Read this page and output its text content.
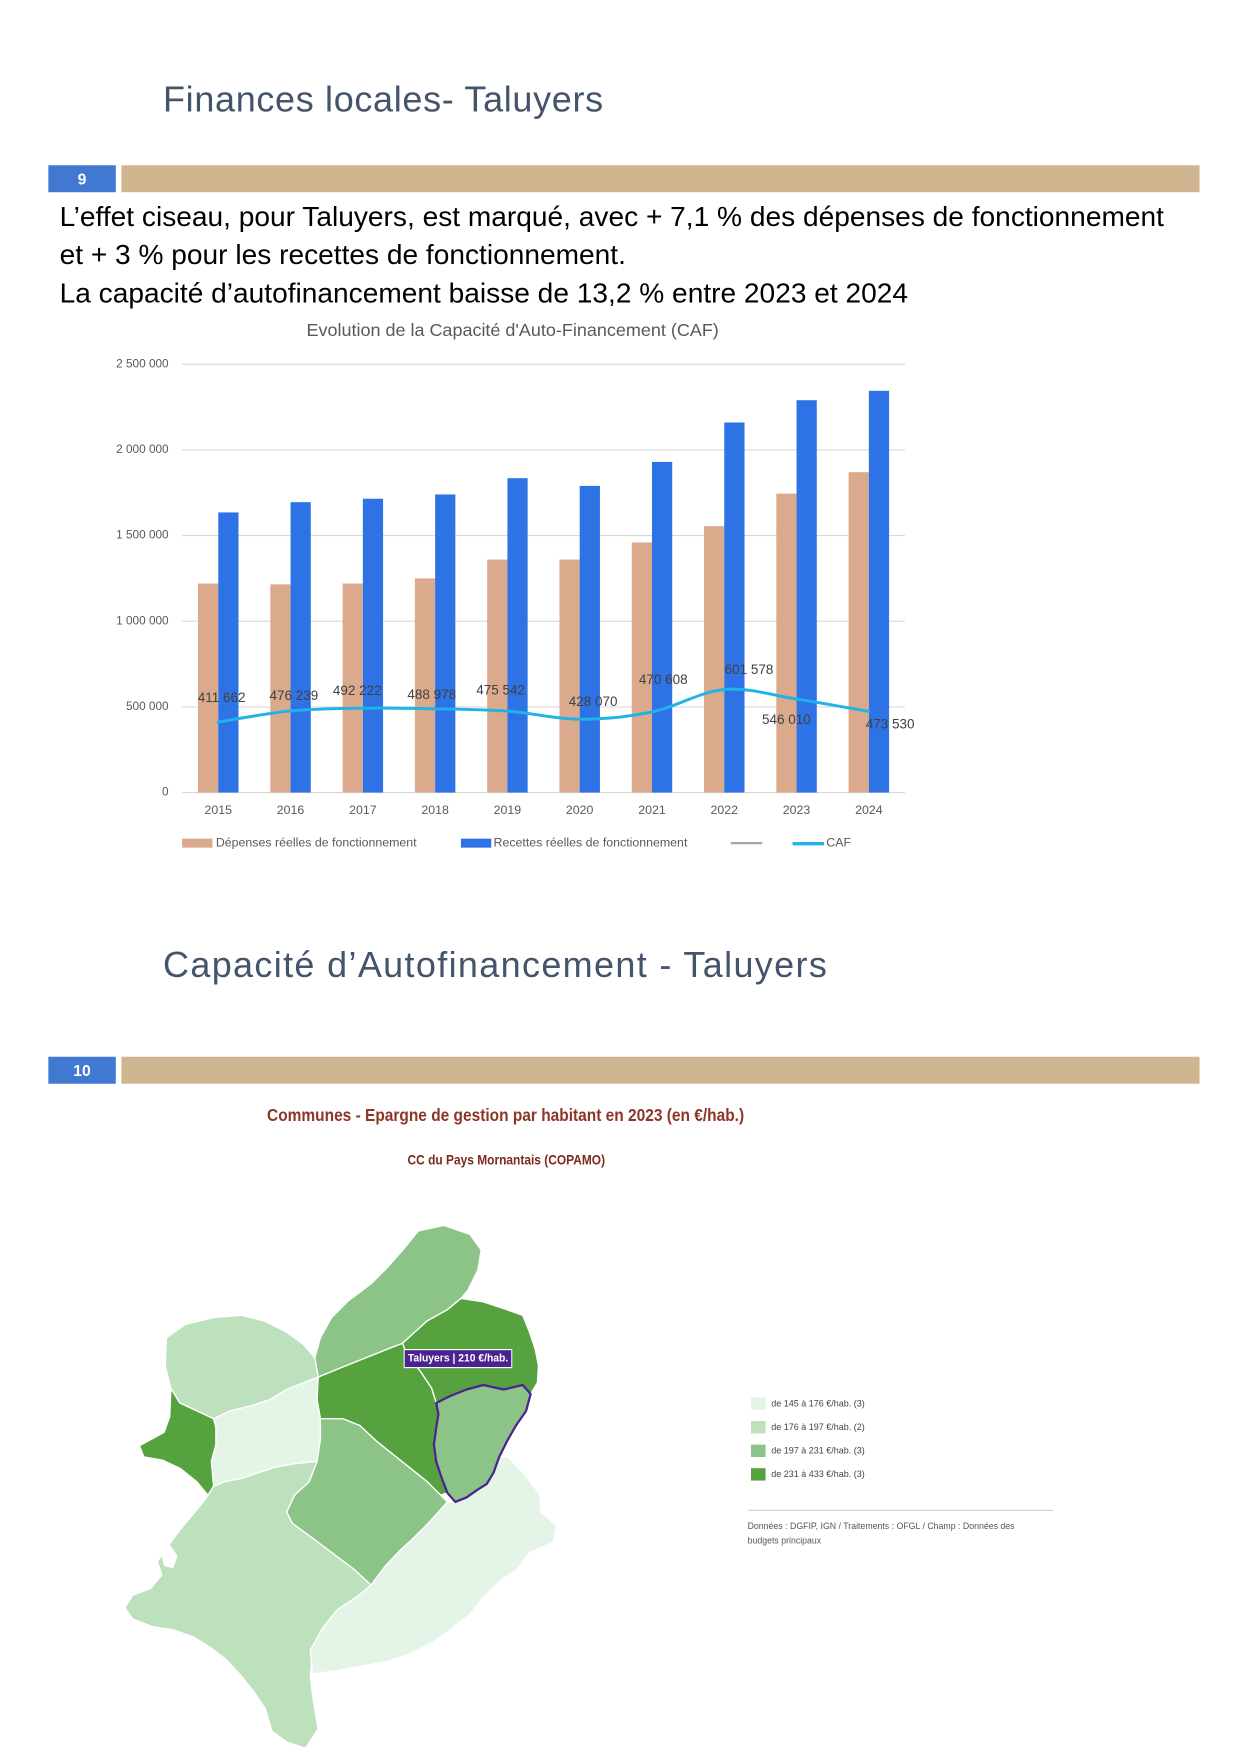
Finances locales- Taluyers
9
L’effet ciseau, pour Taluyers, est marqué, avec + 7,1 % des dépenses de fonctionnement
et + 3 % pour les recettes de fonctionnement.
La capacité d’autofinancement baisse de 13,2 % entre 2023 et 2024
Evolution de la Capacité d'Auto-Financement (CAF)
0
500 000
1 000 000
1 500 000
2 000 000
2 500 000
2015	2016	2017	2018	2019	2020	2021	2022	2023	2024
411 662 476 239 492 222 488 978 475 542
428 070
470 608
601 578
546 010	473 530
Dépenses réelles de fonctionnement	Recettes réelles de fonctionnement	CAF
Capacité d’Autofinancement - Taluyers
10
Communes - Epargne de gestion par habitant en 2023 (en €/hab.)
CC du Pays Mornantais (COPAMO)
Taluyers | 210 €/hab.
de 145 à 176 €/hab. (3)
de 176 à 197 €/hab. (2)
de 197 à 231 €/hab. (3)
de 231 à 433 €/hab. (3)
Données : DGFIP, IGN / Traitements : OFGL / Champ : Données des
budgets principaux
